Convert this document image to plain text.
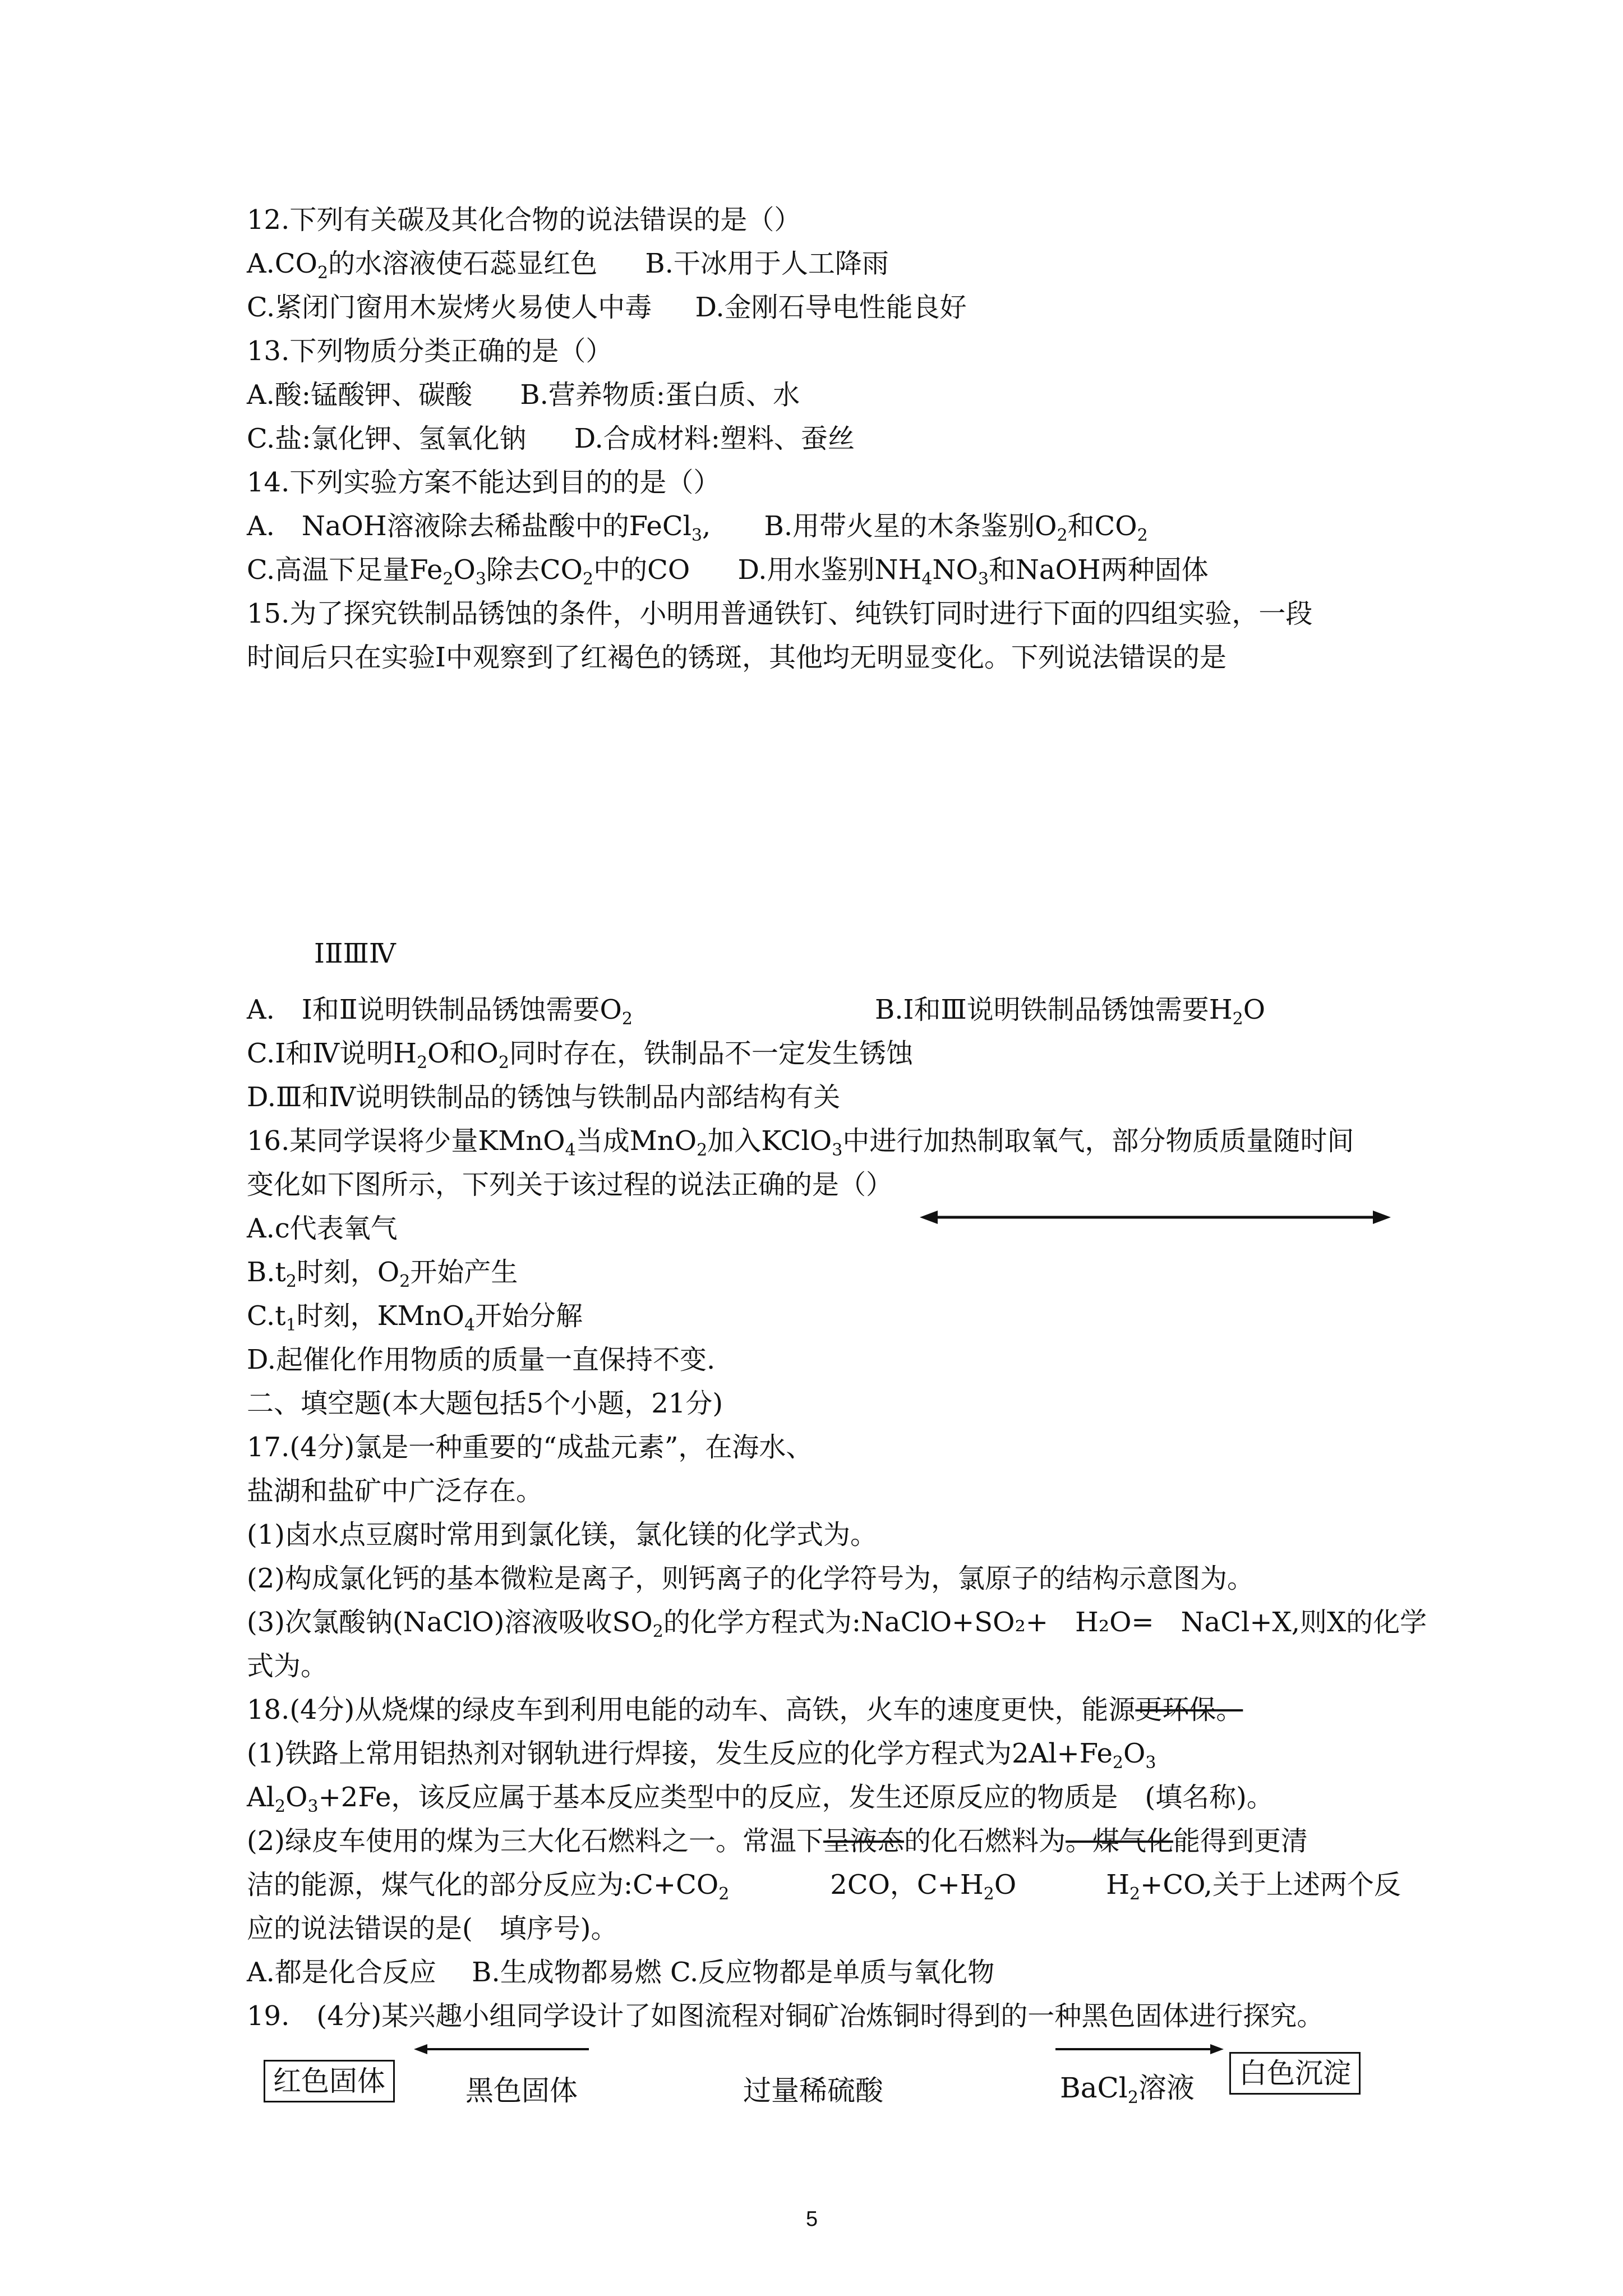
12.下列有关碳及其化合物的说法错误的是（）
$A.CO_2$的水溶液使石蕊显红色 B.干冰用于人工降雨
C.紧闭门窗用木炭烤火易使人中毒 D.金刚石导电性能良好
13.下列物质分类正确的是（）
A.酸:锰酸钾、碳酸 B.营养物质:蛋白质、水
C.盐:氯化钾、氢氧化钠 D.合成材料:塑料、蚕丝
14.下列实验方案不能达到目的的是（）
A.　NaOH溶液除去稀盐酸中的FeCl$_3$, B.用带火星的木条鉴别$O_2$和$CO_2$
C.高温下足量$Fe_2O_3$除去$CO_2$中的CO D.用水鉴别$NH_4NO_3$和NaOH两种固体
15.为了探究铁制品锈蚀的条件，小明用普通铁钉、纯铁钉同时进行下面的四组实验，一段
时间后只在实验Ⅰ中观察到了红褐色的锈斑，其他均无明显变化。下列说法错误的是
ⅠⅡⅢⅣ
A.　Ⅰ和Ⅱ说明铁制品锈蚀需要$O_2$	B.Ⅰ和Ⅲ说明铁制品锈蚀需要$H_2O$
C.Ⅰ和Ⅳ说明$H_2O$和$O_2$同时存在，铁制品不一定发生锈蚀
D.Ⅲ和Ⅳ说明铁制品的锈蚀与铁制品内部结构有关
16.某同学误将少量KMnO$_4$当成MnO$_2$加入KClO$_3$中进行加热制取氧气，部分物质质量随时间
变化如下图所示，下列关于该过程的说法正确的是（）
A.c代表氧气
$B.t_2$时刻，$O_2$开始产生
$C.t_1$时刻，KMnO$_4$开始分解
D.起催化作用物质的质量一直保持不变.
二、填空题(本大题包括5个小题，21分)
17.(4分)氯是一种重要的“成盐元素”，在海水、
盐湖和盐矿中广泛存在。
(1)卤水点豆腐时常用到氯化镁，氯化镁的化学式为。
(2)构成氯化钙的基本微粒是离子，则钙离子的化学符号为，氯原子的结构示意图为。
(3)次氯酸钠(NaClO)溶液吸收$SO_2$的化学方程式为:NaClO+SO₂+　H₂O=　NaCl+X,则X的化学
式为。
18.(4分)从烧煤的绿皮车到利用电能的动车、高铁，火车的速度更快，能源更环保。
(1)铁路上常用铝热剂对钢轨进行焊接，发生反应的化学方程式为$2Al+Fe_2O_3$
$Al_2O_3+2Fe$，该反应属于基本反应类型中的反应，发生还原反应的物质是　(填名称)。
(2)绿皮车使用的煤为三大化石燃料之一。常温下呈液态的化石燃料为。煤气化能得到更清
洁的能源，煤气化的部分反应为$:C+CO_2$	2CO，$C+H_2O$	$H_2+CO$,关于上述两个反
应的说法错误的是(　填序号)。
A.都是化合反应　 B.生成物都易燃 C.反应物都是单质与氧化物
19.　(4分)某兴趣小组同学设计了如图流程对铜矿冶炼铜时得到的一种黑色固体进行探究。
红色固体	黑色固体	过量稀硫酸	BaCl$_2$溶液	白色沉淀
5
